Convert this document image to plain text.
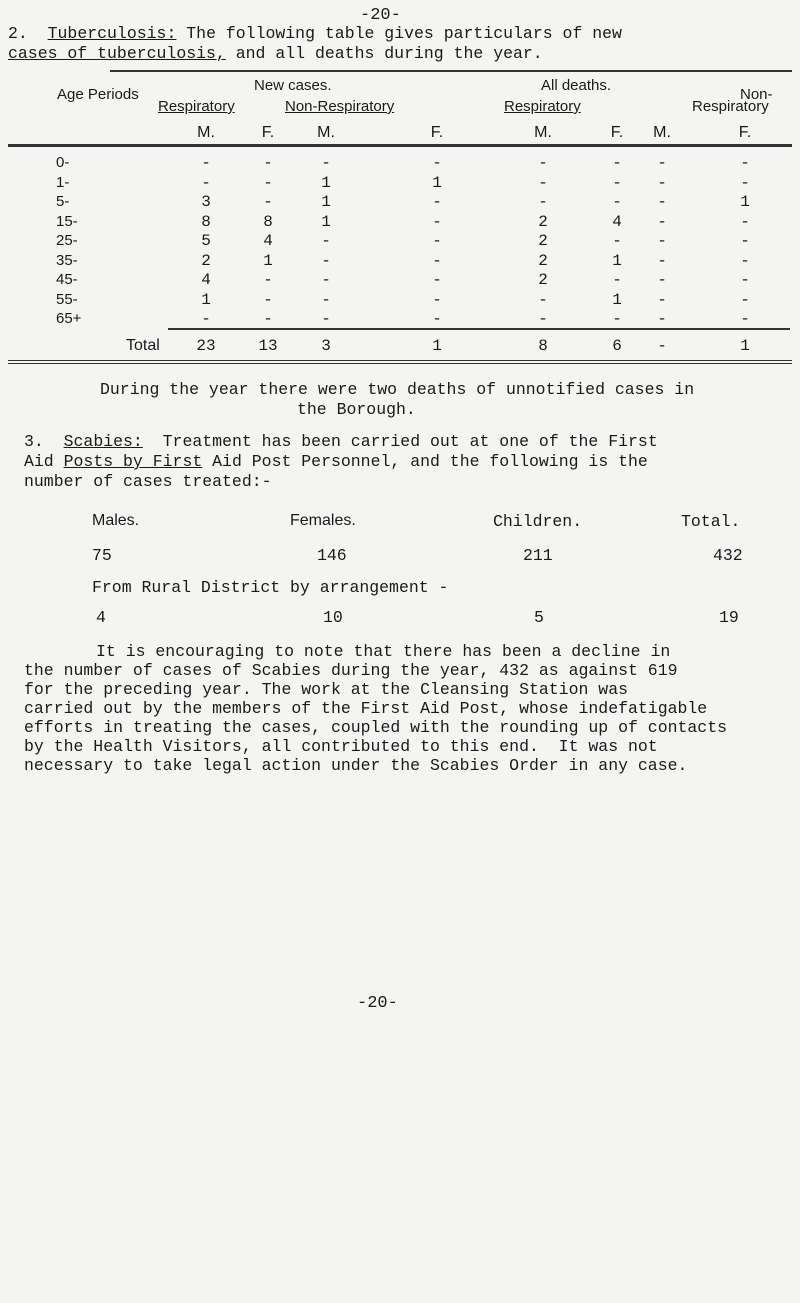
-20-
2. Tuberculosis: The following table gives particulars of new
cases of tuberculosis, and all deaths during the year.
Age Periods
New cases.	All deaths.
Non-
Respiratory	Non-Respiratory	Respiratory	Respiratory
M.	F.	M.	F.	M.	F.	M.	F.
0-	-	-	-	-	-	-	-	-
1-	-	-	1	1	-	-	-	-
5-	3	-	1	-	-	-	-	1
15-	8	8	1	-	2	4	-	-
25-	5	4	-	-	2	-	-	-
35-	2	1	-	-	2	1	-	-
45-	4	-	-	-	2	-	-	-
55-	1	-	-	-	-	1	-	-
65+	-	-	-	-	-	-	-	-
Total	23	13	3	1	8	6	-	1
During the year there were two deaths of unnotified cases in
the Borough.
3. Scabies: Treatment has been carried out at one of the First
Aid Posts by First Aid Post Personnel, and the following is the
number of cases treated:-
Males.	Females.	Children.	Total.
75	146	211	432
From Rural District by arrangement -
4	10	5	19
It is encouraging to note that there has been a decline in
the number of cases of Scabies during the year, 432 as against 619
for the preceding year. The work at the Cleansing Station was
carried out by the members of the First Aid Post, whose indefatigable
efforts in treating the cases, coupled with the rounding up of contacts
by the Health Visitors, all contributed to this end.  It was not
necessary to take legal action under the Scabies Order in any case.
-20-
